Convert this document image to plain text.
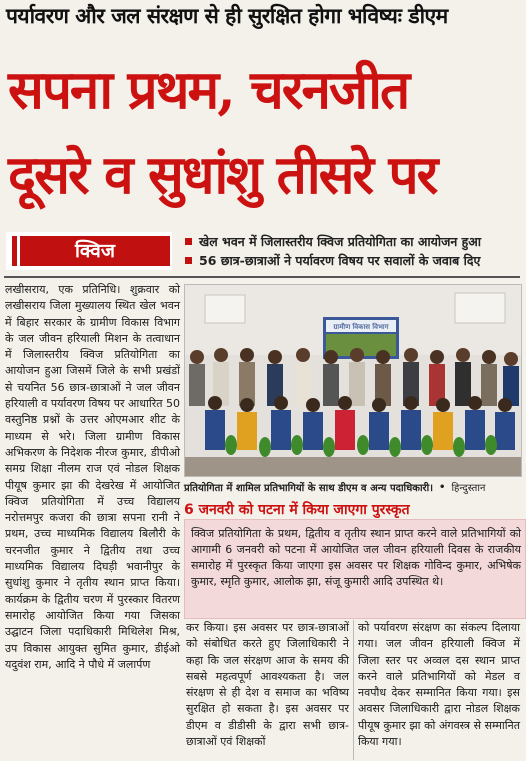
पर्यावरण और जल संरक्षण से ही सुरक्षित होगा भविष्यः डीएम
सपना प्रथम, चरनजीत
दूसरे व सुधांशु तीसरे पर
क्विज	खेल भवन में जिलास्तरीय क्विज प्रतियोगिता का आयोजन हुआ
56 छात्र-छात्राओं ने पर्यावरण विषय पर सवालों के जवाब दिए
लखीसराय, एक प्रतिनिधि। शुक्रवार को लखीसराय जिला मुख्यालय स्थित खेल भवन में बिहार सरकार के ग्रामीण विकास विभाग के जल जीवन हरियाली मिशन के तत्वाधान में जिलास्तरीय क्विज प्रतियोगिता का आयोजन हुआ जिसमें जिले के सभी प्रखंडों से चयनित 56 छात्र-छात्राओं ने जल जीवन हरियाली व पर्यावरण विषय पर आधारित 50 वस्तुनिष्ठ प्रश्नों के उत्तर ओएमआर शीट के माध्यम से भरे। जिला ग्रामीण विकास अभिकरण के निदेशक नीरज कुमार, डीपीओ समग्र शिक्षा नीलम राज एवं नोडल शिक्षक पीयूष कुमार झा की देखरेख में आयोजित क्विज प्रतियोगिता में उच्च विद्यालय नरोत्तमपुर कजरा की छात्रा सपना रानी ने प्रथम, उच्च माध्यमिक विद्यालय बिलौरी के चरनजीत कुमार ने द्वितीय तथा उच्च माध्यमिक विद्यालय दिघड़ी भवानीपुर के सुधांशु कुमार ने तृतीय स्थान प्राप्त किया। कार्यक्रम के द्वितीय चरण में पुरस्कार वितरण समारोह आयोजित किया गया जिसका उद्घाटन जिला पदाधिकारी मिथिलेश मिश्र, उप विकास आयुक्त सुमित कुमार, डीईओ यदुवंश राम, आदि ने पौधे में जलार्पण
ग्रामीण विकास विभाग
प्रतियोगिता में शामिल प्रतिभागियों के साथ डीएम व अन्य पदाधिकारी। • हिन्दुस्तान
6 जनवरी को पटना में किया जाएगा पुरस्कृत
क्विज प्रतियोगिता के प्रथम, द्वितीय व तृतीय स्थान प्राप्त करने वाले प्रतिभागियों को आगामी 6 जनवरी को पटना में आयोजित जल जीवन हरियाली दिवस के राजकीय समारोह में पुरस्कृत किया जाएगा इस अवसर पर शिक्षक गोविन्द कुमार, अभिषेक कुमार, स्मृति कुमार, आलोक झा, संजू कुमारी आदि उपस्थित थे।
कर किया। इस अवसर पर छात्र-छात्राओं को संबोधित करते हुए जिलाधिकारी ने कहा कि जल संरक्षण आज के समय की सबसे महत्वपूर्ण आवश्यकता है। जल संरक्षण से ही देश व समाज का भविष्य सुरक्षित हो सकता है। इस अवसर पर डीएम व डीडीसी के द्वारा सभी छात्र-छात्राओं एवं शिक्षकों
को पर्यावरण संरक्षण का संकल्प दिलाया गया। जल जीवन हरियाली क्विज में जिला स्तर पर अव्वल दस स्थान प्राप्त करने वाले प्रतिभागियों को मेडल व नवपौध देकर सम्मानित किया गया। इस अवसर जिलाधिकारी द्वारा नोडल शिक्षक पीयूष कुमार झा को अंगवस्त्र से सम्मानित किया गया।
